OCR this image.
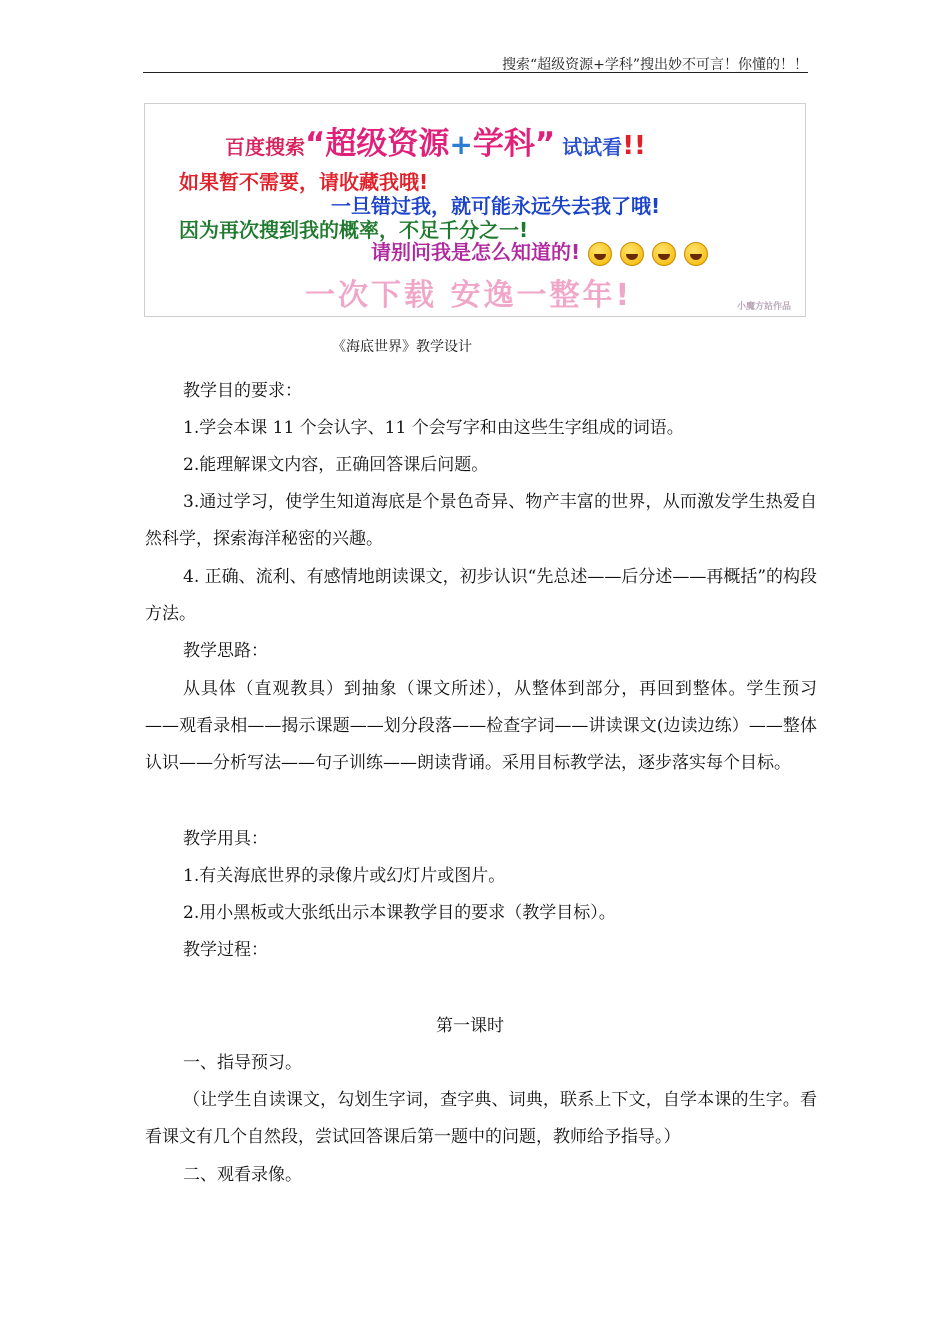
搜索“超级资源+学科”搜出妙不可言！你懂的！！
百度搜索“超级资源+学科” 试试看!!
如果暂不需要，请收藏我哦!
一旦错过我，就可能永远失去我了哦!
因为再次搜到我的概率，不足千分之一!
请别问我是怎么知道的!
一次下载 安逸一整年!	小魔方站作品
《海底世界》教学设计

教学目的要求：

1.学会本课 11 个会认字、11 个会写字和由这些生字组成的词语。

2.能理解课文内容，正确回答课后问题。

3.通过学习，使学生知道海底是个景色奇异、物产丰富的世界，从而激发学生热爱自然科学，探索海洋秘密的兴趣。

4. 正确、流利、有感情地朗读课文，初步认识“先总述——后分述——再概括”的构段方法。

教学思路：

从具体（直观教具）到抽象（课文所述），从整体到部分，再回到整体。学生预习——观看录相——揭示课题——划分段落——检查字词——讲读课文(边读边练）——整体认识——分析写法——句子训练——朗读背诵。采用目标教学法，逐步落实每个目标。

教学用具：

1.有关海底世界的录像片或幻灯片或图片。

2.用小黑板或大张纸出示本课教学目的要求（教学目标）。

教学过程：

第一课时

一、指导预习。

（让学生自读课文，勾划生字词，查字典、词典，联系上下文，自学本课的生字。看看课文有几个自然段，尝试回答课后第一题中的问题，教师给予指导。）

二、观看录像。
